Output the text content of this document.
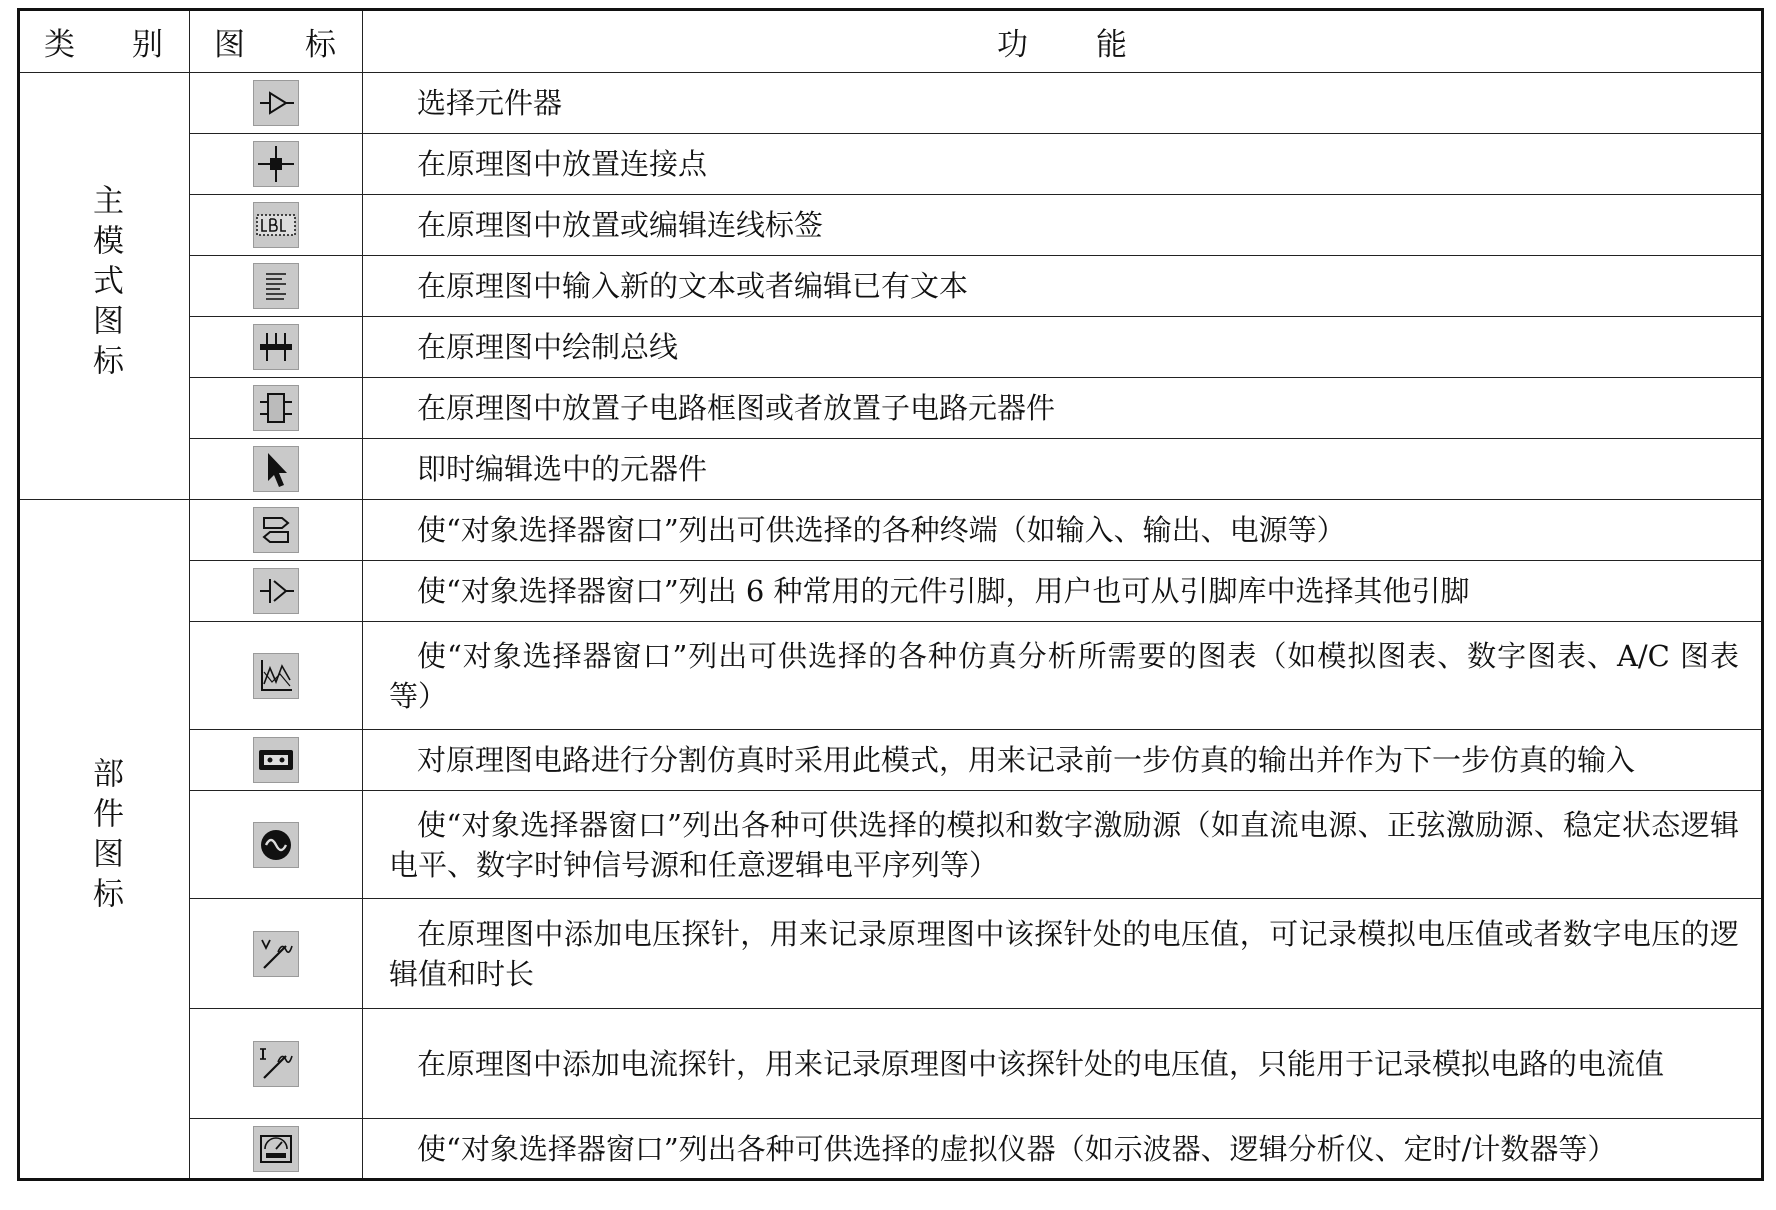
类 别	图 标	功 能
主模式图标		选择元件器

	在原理图中放置连接点

	在原理图中放置或编辑连线标签

	在原理图中输入新的文本或者编辑已有文本

	在原理图中绘制总线

	在原理图中放置子电路框图或者放置子电路元器件

	即时编辑选中的元器件
部件图标		使“对象选择器窗口”列出可供选择的各种终端（如输入、输出、电源等）

	使“对象选择器窗口”列出 6 种常用的元件引脚，用户也可从引脚库中选择其他引脚

	使“对象选择器窗口”列出可供选择的各种仿真分析所需要的图表（如模拟图表、数字图表、A/C 图表等）

	对原理图电路进行分割仿真时采用此模式，用来记录前一步仿真的输出并作为下一步仿真的输入

	使“对象选择器窗口”列出各种可供选择的模拟和数字激励源（如直流电源、正弦激励源、稳定状态逻辑电平、数字时钟信号源和任意逻辑电平序列等）

	在原理图中添加电压探针，用来记录原理图中该探针处的电压值，可记录模拟电压值或者数字电压的逻辑值和时长

	在原理图中添加电流探针，用来记录原理图中该探针处的电压值，只能用于记录模拟电路的电流值

	使“对象选择器窗口”列出各种可供选择的虚拟仪器（如示波器、逻辑分析仪、定时/计数器等）
